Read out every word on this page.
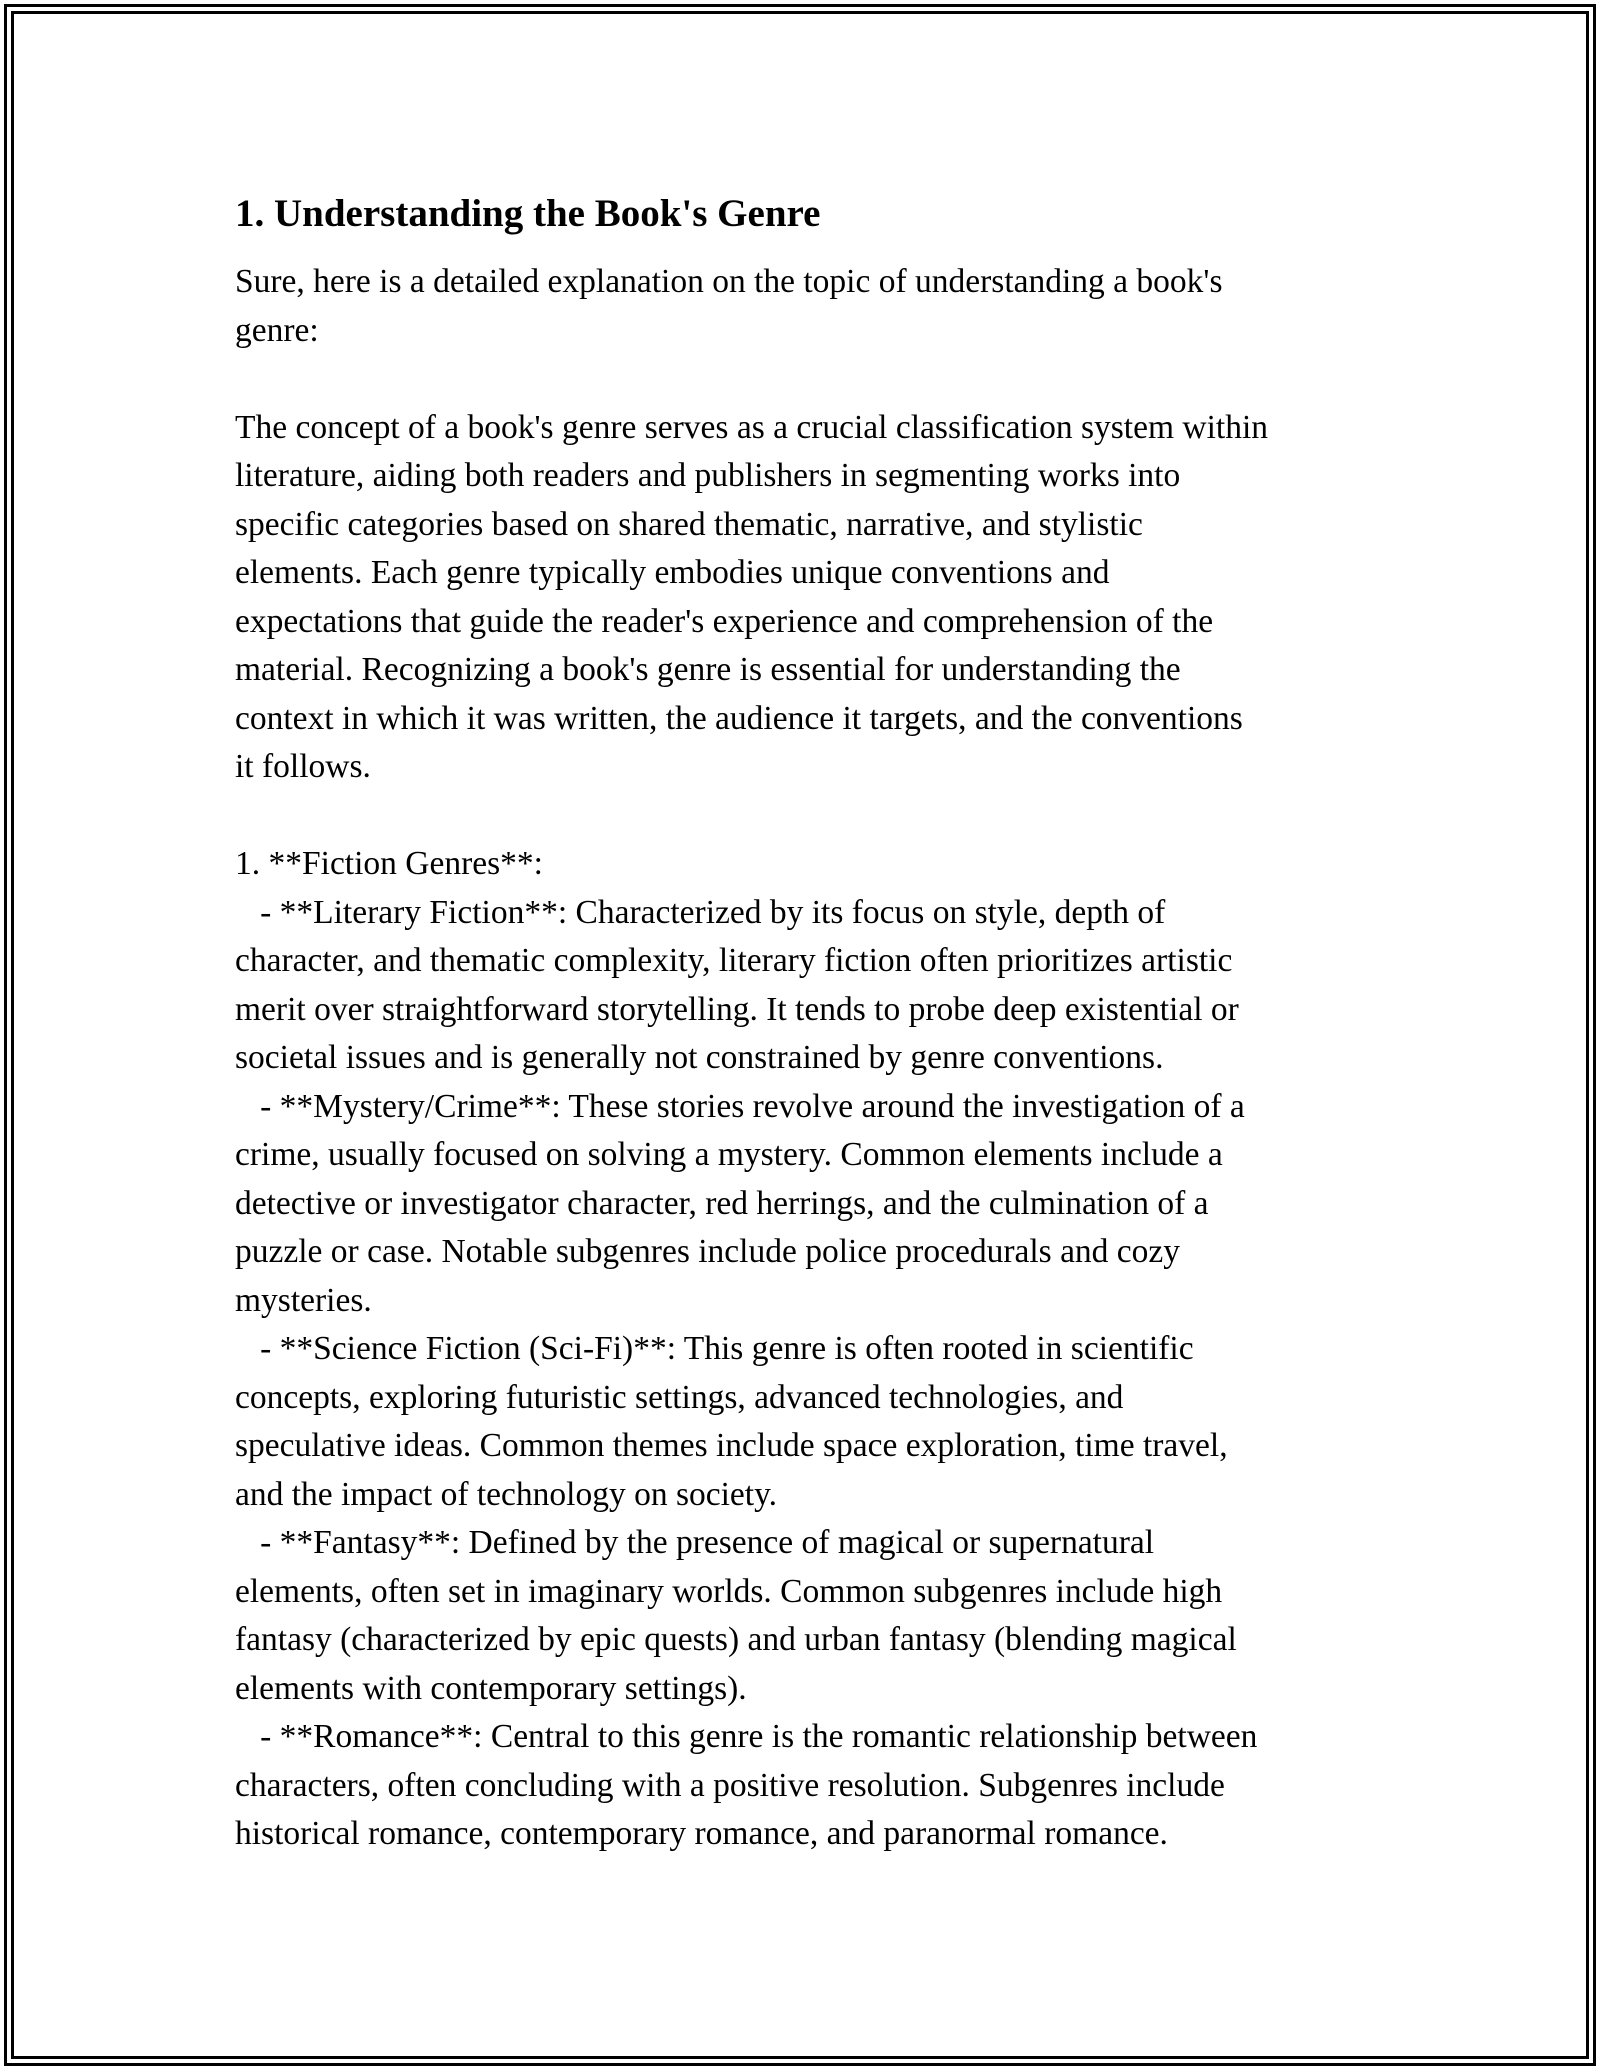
1. Understanding the Book's Genre

Sure, here is a detailed explanation on the topic of understanding a book's
genre:

The concept of a book's genre serves as a crucial classification system within
literature, aiding both readers and publishers in segmenting works into
specific categories based on shared thematic, narrative, and stylistic
elements. Each genre typically embodies unique conventions and
expectations that guide the reader's experience and comprehension of the
material. Recognizing a book's genre is essential for understanding the
context in which it was written, the audience it targets, and the conventions
it follows.

1. **Fiction Genres**:
- **Literary Fiction**: Characterized by its focus on style, depth of
character, and thematic complexity, literary fiction often prioritizes artistic
merit over straightforward storytelling. It tends to probe deep existential or
societal issues and is generally not constrained by genre conventions.
- **Mystery/Crime**: These stories revolve around the investigation of a
crime, usually focused on solving a mystery. Common elements include a
detective or investigator character, red herrings, and the culmination of a
puzzle or case. Notable subgenres include police procedurals and cozy
mysteries.
- **Science Fiction (Sci-Fi)**: This genre is often rooted in scientific
concepts, exploring futuristic settings, advanced technologies, and
speculative ideas. Common themes include space exploration, time travel,
and the impact of technology on society.
- **Fantasy**: Defined by the presence of magical or supernatural
elements, often set in imaginary worlds. Common subgenres include high
fantasy (characterized by epic quests) and urban fantasy (blending magical
elements with contemporary settings).
- **Romance**: Central to this genre is the romantic relationship between
characters, often concluding with a positive resolution. Subgenres include
historical romance, contemporary romance, and paranormal romance.
